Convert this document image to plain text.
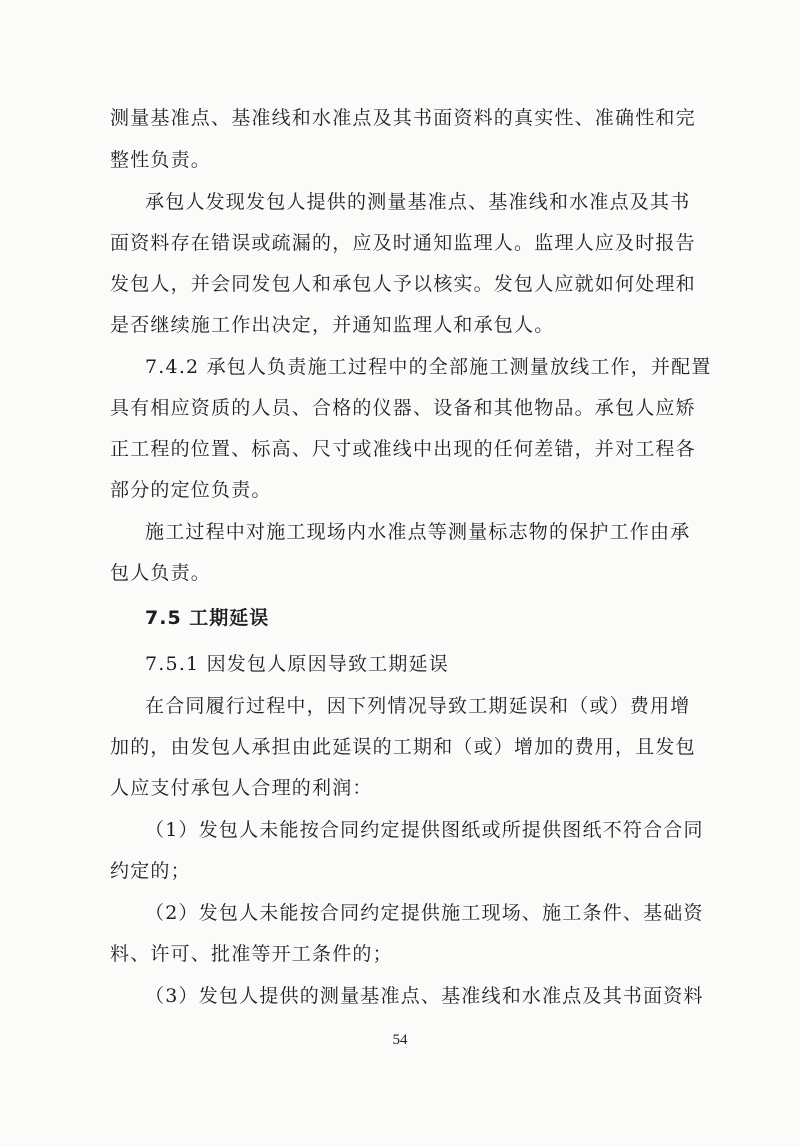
测量基准点、基准线和水准点及其书面资料的真实性、准确性和完
整性负责。
承包人发现发包人提供的测量基准点、基准线和水准点及其书
面资料存在错误或疏漏的，应及时通知监理人。监理人应及时报告
发包人，并会同发包人和承包人予以核实。发包人应就如何处理和
是否继续施工作出决定，并通知监理人和承包人。
7.4.2 承包人负责施工过程中的全部施工测量放线工作，并配置
具有相应资质的人员、合格的仪器、设备和其他物品。承包人应矫
正工程的位置、标高、尺寸或准线中出现的任何差错，并对工程各
部分的定位负责。
施工过程中对施工现场内水准点等测量标志物的保护工作由承
包人负责。
7.5 工期延误
7.5.1 因发包人原因导致工期延误
在合同履行过程中，因下列情况导致工期延误和（或）费用增
加的，由发包人承担由此延误的工期和（或）增加的费用，且发包
人应支付承包人合理的利润：
（1）发包人未能按合同约定提供图纸或所提供图纸不符合合同
约定的；
（2）发包人未能按合同约定提供施工现场、施工条件、基础资
料、许可、批准等开工条件的；
（3）发包人提供的测量基准点、基准线和水准点及其书面资料
54
